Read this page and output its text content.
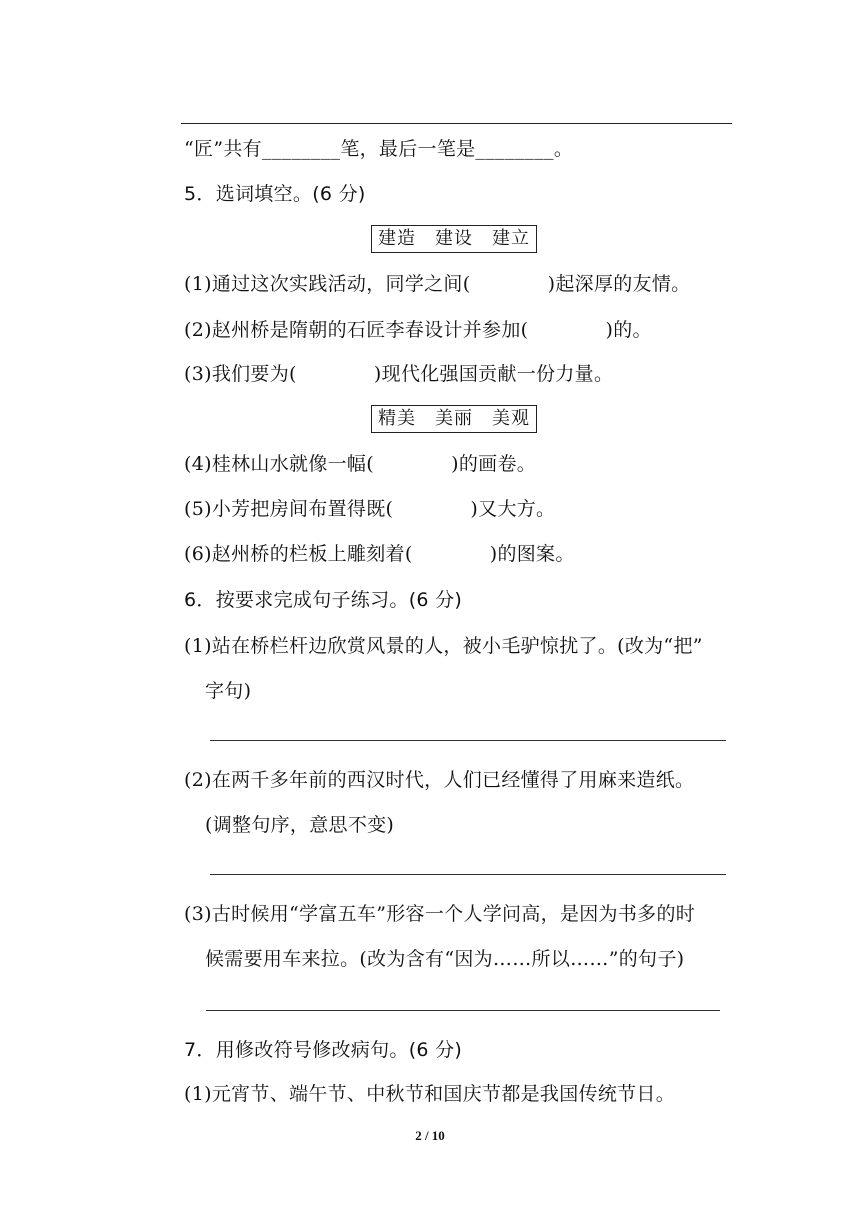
“匠”共有________笔，最后一笔是________。
5．选词填空。(6 分)
建造　建设　建立
(1)通过这次实践活动，同学之间(　　　　)起深厚的友情。
(2)赵州桥是隋朝的石匠李春设计并参加(　　　　)的。
(3)我们要为(　　　　)现代化强国贡献一份力量。
精美　美丽　美观
(4)桂林山水就像一幅(　　　　)的画卷。
(5)小芳把房间布置得既(　　　　)又大方。
(6)赵州桥的栏板上雕刻着(　　　　)的图案。
6．按要求完成句子练习。(6 分)
(1)站在桥栏杆边欣赏风景的人，被小毛驴惊扰了。(改为“把”
字句)
(2)在两千多年前的西汉时代，人们已经懂得了用麻来造纸。
(调整句序，意思不变)
(3)古时候用“学富五车”形容一个人学问高，是因为书多的时
候需要用车来拉。(改为含有“因为……所以……”的句子)
7．用修改符号修改病句。(6 分)
(1)元宵节、端午节、中秋节和国庆节都是我国传统节日。
2 / 10
